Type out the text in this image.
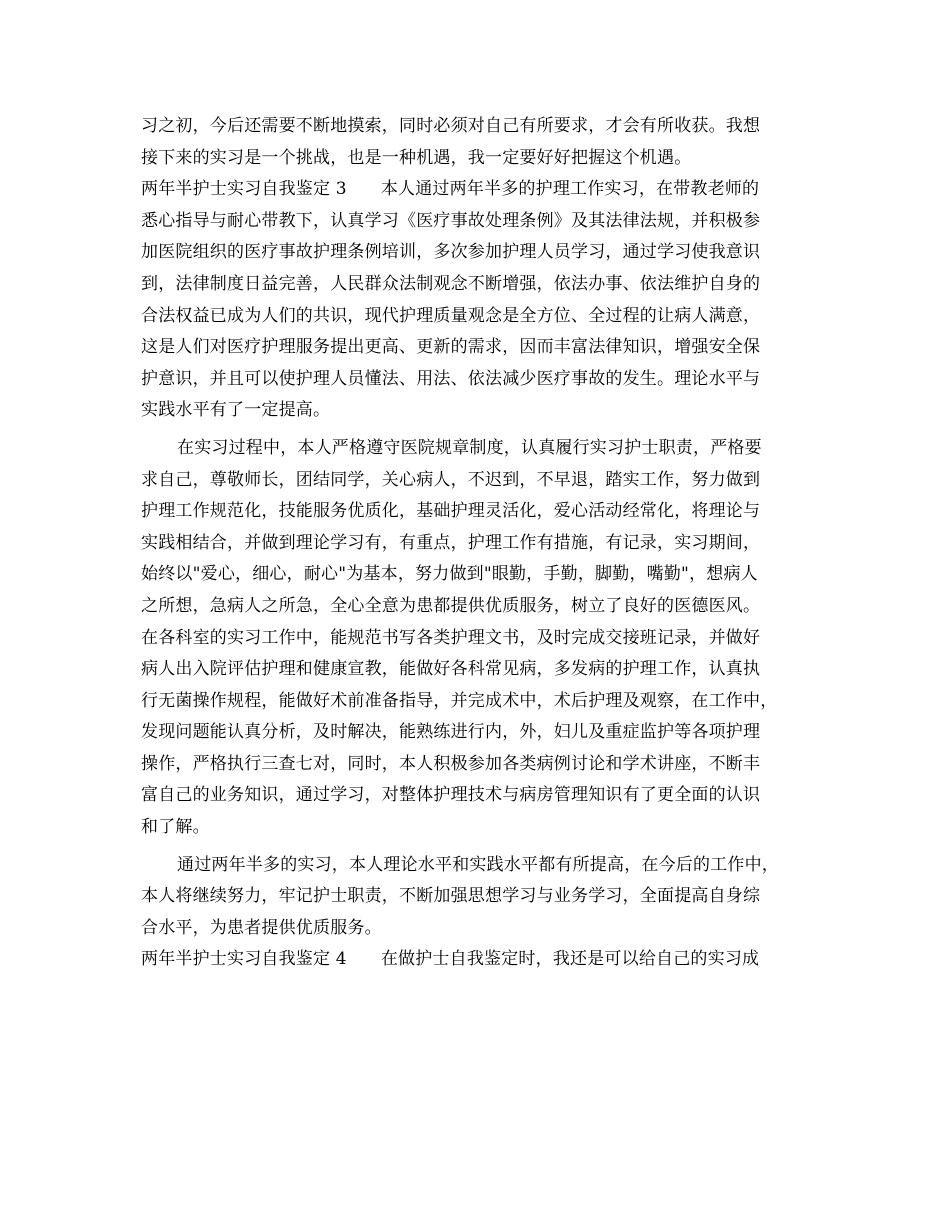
习之初，今后还需要不断地摸索，同时必须对自己有所要求，才会有所收获。我想
接下来的实习是一个挑战，也是一种机遇，我一定要好好把握这个机遇。
两年半护士实习自我鉴定 3 本人通过两年半多的护理工作实习，在带教老师的
悉心指导与耐心带教下，认真学习《医疗事故处理条例》及其法律法规，并积极参
加医院组织的医疗事故护理条例培训，多次参加护理人员学习，通过学习使我意识
到，法律制度日益完善，人民群众法制观念不断增强，依法办事、依法维护自身的
合法权益已成为人们的共识，现代护理质量观念是全方位、全过程的让病人满意，
这是人们对医疗护理服务提出更高、更新的需求，因而丰富法律知识，增强安全保
护意识，并且可以使护理人员懂法、用法、依法减少医疗事故的发生。理论水平与
实践水平有了一定提高。
在实习过程中，本人严格遵守医院规章制度，认真履行实习护士职责，严格要
求自己，尊敬师长，团结同学，关心病人，不迟到，不早退，踏实工作，努力做到
护理工作规范化，技能服务优质化，基础护理灵活化，爱心活动经常化，将理论与
实践相结合，并做到理论学习有，有重点，护理工作有措施，有记录，实习期间，
始终以"爱心，细心，耐心"为基本，努力做到"眼勤，手勤，脚勤，嘴勤"，想病人
之所想，急病人之所急，全心全意为患都提供优质服务，树立了良好的医德医风。
在各科室的实习工作中，能规范书写各类护理文书，及时完成交接班记录，并做好
病人出入院评估护理和健康宣教，能做好各科常见病，多发病的护理工作，认真执
行无菌操作规程，能做好术前准备指导，并完成术中，术后护理及观察，在工作中，
发现问题能认真分析，及时解决，能熟练进行内，外，妇儿及重症监护等各项护理
操作，严格执行三查七对，同时，本人积极参加各类病例讨论和学术讲座，不断丰
富自己的业务知识，通过学习，对整体护理技术与病房管理知识有了更全面的认识
和了解。
通过两年半多的实习，本人理论水平和实践水平都有所提高，在今后的工作中，
本人将继续努力，牢记护士职责，不断加强思想学习与业务学习，全面提高自身综
合水平，为患者提供优质服务。
两年半护士实习自我鉴定 4 在做护士自我鉴定时，我还是可以给自己的实习成
